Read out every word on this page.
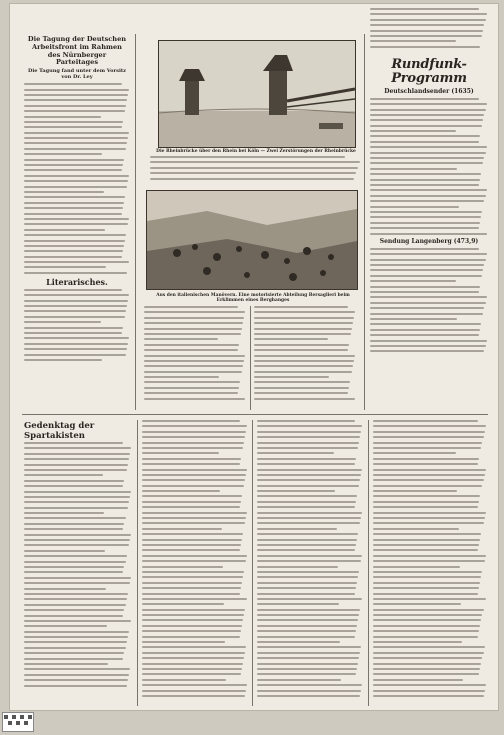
Die Tagung der Deutschen Arbeitsfront im Rahmen des Nürnberger Parteitages
Die Tagung fand unter dem Vorsitz von Dr. Ley
Literarisches.
Die Rheinbrücke über den Rhein bei Köln — Zwei Zerstörungen der Rheinbrücke
Aus den italienischen Manövern. Eine motorisierte Abteilung Bersaglieri beim Erklimmen eines Berghanges
Rundfunk-Programm
Deutschlandsender (1635)
Sendung Langenberg (473,9)
Gedenktag der Spartakisten
